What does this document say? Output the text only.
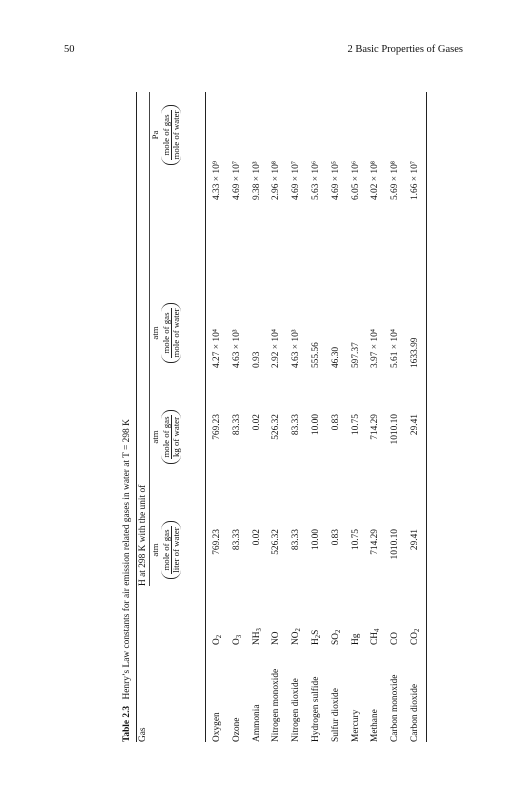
50	2 Basic Properties of Gases
Table 2.3 Henry’s Law constants for air emission related gases in water at T = 298 K
Gas
H at 298 K with the unit of atm mole of gas liter of water
atm mole of gas kg of water
atm mole of gas mole of water
Pa mole of gas mole of water
Oxygen
$O_2$
769.23
769.23
4.27 × 10⁴
4.33 × 10⁹
Ozone
$O_3$
83.33
83.33
4.63 × 10³
4.69 × 10⁷
Ammonia
$NH_3$
0.02
0.02
0.93
9.38 × 10³
Nitrogen monoxide
NO
526.32
526.32
2.92 × 10⁴
2.96 × 10⁸
Nitrogen dioxide
$NO_2$
83.33
83.33
4.63 × 10³
4.69 × 10⁷
Hydrogen sulfide
$H_2S$
10.00
10.00
555.56
5.63 × 10⁶
Sulfur dioxide
$SO_2$
0.83
0.83
46.30
4.69 × 10⁵
Mercury
Hg
10.75
10.75
597.37
6.05 × 10⁶
Methane
$CH_4$
714.29
714.29
3.97 × 10⁴
4.02 × 10⁸
Carbon monoxide
CO
1010.10
1010.10
5.61 × 10⁴
5.69 × 10⁸
Carbon dioxide
$CO_2$
29.41
29.41
1633.99
1.66 × 10⁷
